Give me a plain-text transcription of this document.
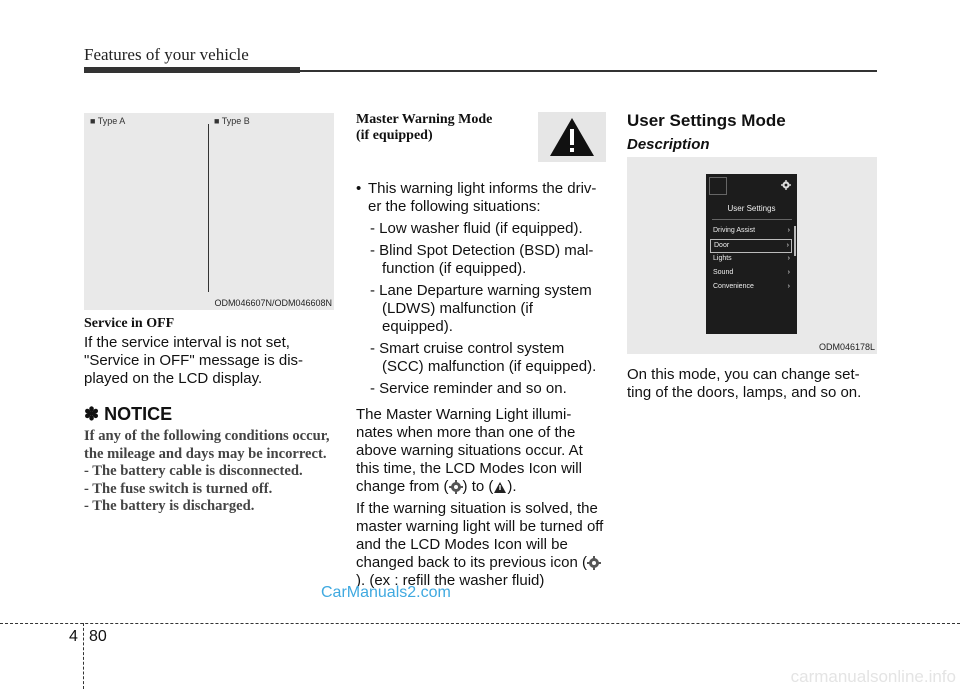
Features of your vehicle
■ Type A	■ Type B
ODM046607N/ODM046608N
Service in OFF
If the service interval is not set, "Service in OFF" message is dis- played on the LCD display.
✽ NOTICE
If any of the following conditions occur, the mileage and days may be incorrect.
- The battery cable is disconnected.
- The fuse switch is turned off.
- The battery is discharged.
Master Warning Mode
(if equipped)
• This warning light informs the driv- er the following situations:
- Low washer fluid (if equipped).
- Blind Spot Detection (BSD) mal- function (if equipped).
- Lane Departure warning system (LDWS) malfunction (if equipped).
- Smart cruise control system (SCC) malfunction (if equipped).
- Service reminder and so on.
The Master Warning Light illumi- nates when more than one of the above warning situations occur. At this time, the LCD Modes Icon will change from ( ) to ( ).
If the warning situation is solved, the master warning light will be turned off and the LCD Modes Icon will be changed back to its previous icon (). (ex : refill the washer fluid)
User Settings Mode
Description
User Settings
Driving Assist	›
Door	›
Lights	›
Sound	›
Convenience	›
ODM046178L
On this mode, you can change set- ting of the doors, lamps, and so on.
CarManuals2.com
4 80
carmanualsonline.info
